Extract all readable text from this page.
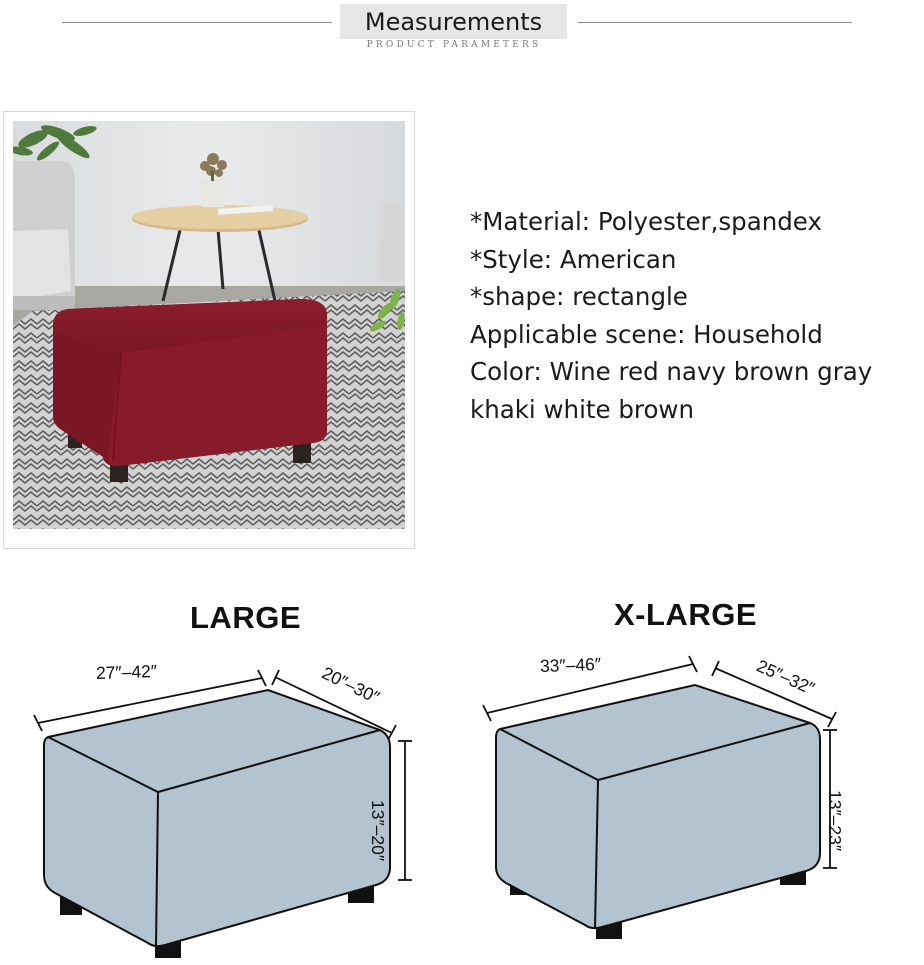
Measurements
PRODUCT PARAMETERS
*Material: Polyester,spandex
*Style: American
*shape: rectangle
Applicable scene: Household
Color: Wine red navy brown gray
khaki white brown
LARGE
27″–42″	20″–30″
13″–20″
X-LARGE
33″–46″	25″–32″
13″–23″
